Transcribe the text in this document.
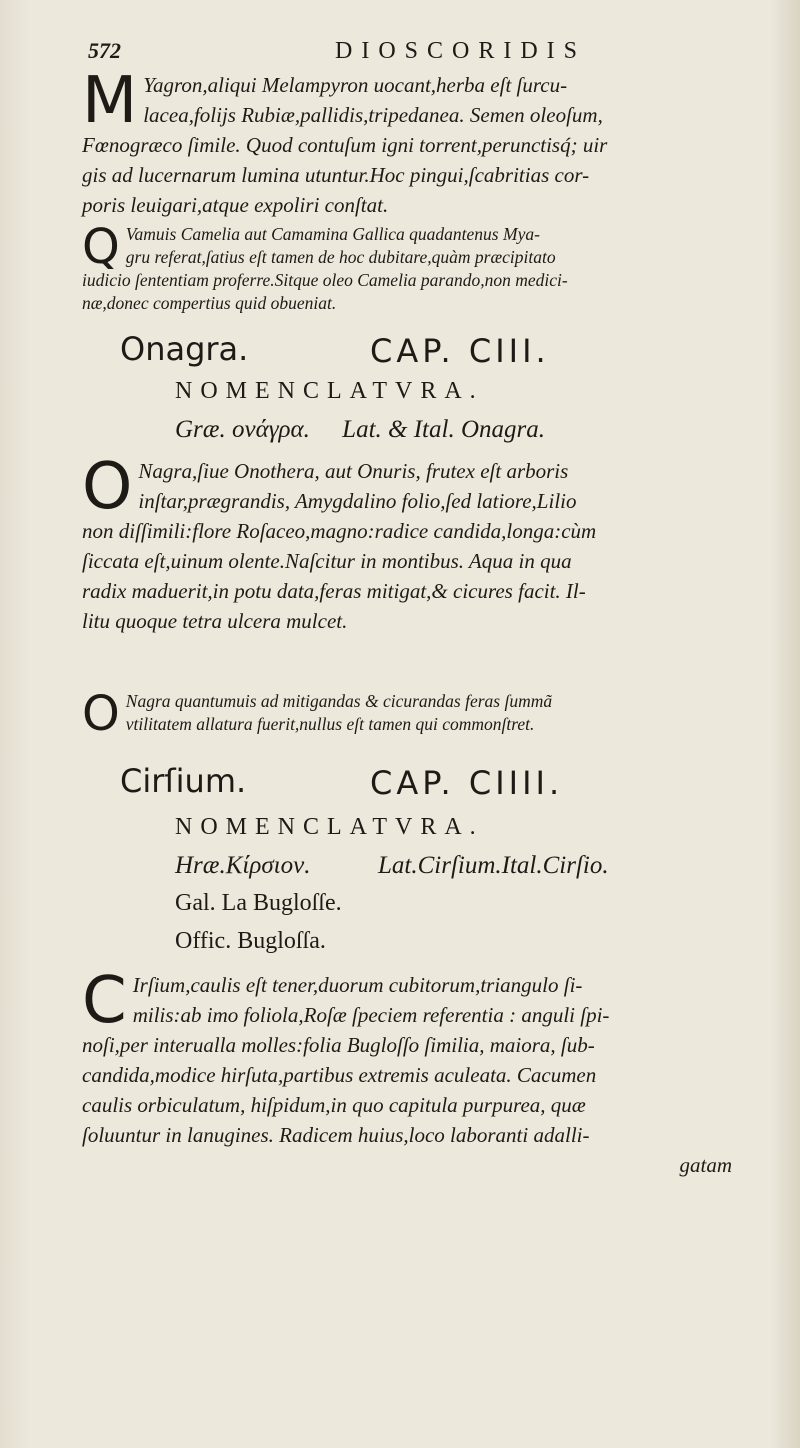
572	DIOSCORIDIS
M Yagron,aliqui Melampyron uocant,herba eſt ſurcu-
lacea,folijs Rubiæ,pallidis,tripedanea. Semen oleoſum,
Fœnogræco ſimile. Quod contuſum igni torrent,perunctisq́; uir
gis ad lucernarum lumina utuntur.Hoc pingui,ſcabritias cor-
poris leuigari,atque expoliri conſtat.
Q Vamuis Camelia aut Camamina Gallica quadantenus Mya-
gru referat,ſatius eſt tamen de hoc dubitare,quàm præcipitato
iudicio ſententiam proferre.Sitque oleo Camelia parando,non medici-
næ,donec compertius quid obueniat.
Onagra.	CAP. CIII.
NOMENCLATVRA.
Græ. ονάγρα. Lat. & Ital. Onagra.
O Nagra,ſiue Onothera, aut Onuris, frutex eſt arboris
inſtar,prægrandis, Amygdalino folio,ſed latiore,Lilio
non diſſimili:flore Roſaceo,magno:radice candida,longa:cùm
ſiccata eſt,uinum olente.Naſcitur in montibus. Aqua in qua
radix maduerit,in potu data,feras mitigat,& cicures facit. Il-
litu quoque tetra ulcera mulcet.
O Nagra quantumuis ad mitigandas & cicurandas feras ſummã
vtilitatem allatura fuerit,nullus eſt tamen qui commonſtret.
Cirſium.	CAP. CIIII.
NOMENCLATVRA.
Hræ.Κίρσιον.	Lat.Cirſium.Ital.Cirſio.
Gal. La Bugloſſe.
Offic. Bugloſſa.
C Irſium,caulis eſt tener,duorum cubitorum,triangulo ſi-
milis:ab imo foliola,Roſæ ſpeciem referentia : anguli ſpi-
noſi,per interualla molles:folia Bugloſſo ſimilia, maiora, ſub-
candida,modice hirſuta,partibus extremis aculeata. Cacumen
caulis orbiculatum, hiſpidum,in quo capitula purpurea, quæ
ſoluuntur in lanugines. Radicem huius,loco laboranti adalli-
gatam
